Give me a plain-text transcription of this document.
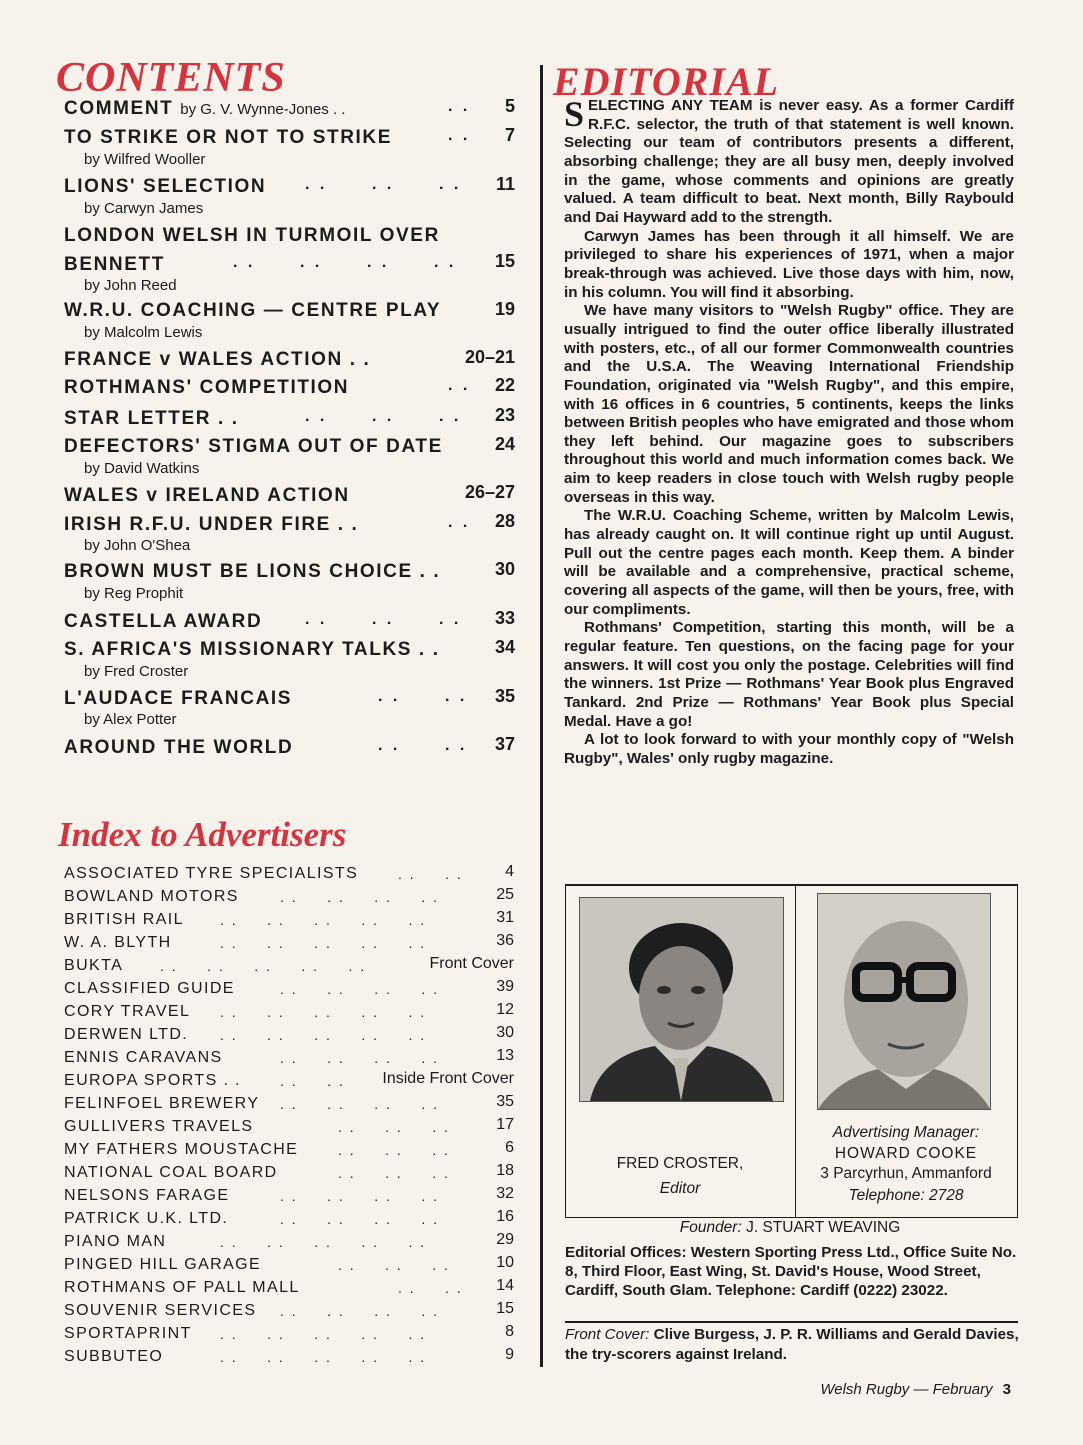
CONTENTS	EDITORIAL
COMMENT by G. V. Wynne-Jones . .	. . 5
TO STRIKE OR NOT TO STRIKE	. . 7
by Wilfred Wooller
LIONS' SELECTION . .      . .      . . 11
by Carwyn James
LONDON WELSH IN TURMOIL OVER
BENNETT	. .      . .      . .      . . 15
by John Reed
W.R.U. COACHING — CENTRE PLAY	19
by Malcolm Lewis
FRANCE v WALES ACTION . .	20–21
ROTHMANS' COMPETITION	. . 22
STAR LETTER . .	. .      . .      . . 23
DEFECTORS' STIGMA OUT OF DATE	24
by David Watkins
WALES v IRELAND ACTION	26–27
IRISH R.F.U. UNDER FIRE . .	. . 28
by John O'Shea
BROWN MUST BE LIONS CHOICE . .	30
by Reg Prophit
CASTELLA AWARD	. .      . .      . . 33
S. AFRICA'S MISSIONARY TALKS . .	34
by Fred Croster
L'AUDACE FRANCAIS	. .      . . 35
by Alex Potter
AROUND THE WORLD	. .      . . 37
Index to Advertisers
ASSOCIATED TYRE SPECIALISTS	. .     . .	4
BOWLAND MOTORS	. .     . .     . .     . .	25
BRITISH RAIL	. .     . .     . .     . .     . .	31
W. A. BLYTH	. .     . .     . .     . .     . .	36
BUKTA	. .     . .     . .     . .     . .	Front Cover
CLASSIFIED GUIDE	. .     . .     . .     . .	39
CORY TRAVEL . .     . .     . .     . .     . .	12
DERWEN LTD. . .     . .     . .     . .     . .	30
ENNIS CARAVANS	. .     . .     . .     . .	13
EUROPA SPORTS . .	. .     . . Inside Front Cover
FELINFOEL BREWERY . .     . .     . .     . .	35
GULLIVERS TRAVELS	. .     . .     . .	17
MY FATHERS MOUSTACHE	. .     . .     . .	6
NATIONAL COAL BOARD	. .     . .     . .	18
NELSONS FARAGE	. .     . .     . .     . .	32
PATRICK U.K. LTD.	. .     . .     . .     . .	16
PIANO MAN	. .     . .     . .     . .     . .	29
PINGED HILL GARAGE	. .     . .     . .	10
ROTHMANS OF PALL MALL	. .     . . 14
SOUVENIR SERVICES . .     . .     . .     . .	15
SPORTAPRINT . .     . .     . .     . .     . .	8
SUBBUTEO	. .     . .     . .     . .     . .	9

SELECTING ANY TEAM is never easy. As a former Cardiff R.F.C. selector, the truth of that statement is well known. Selecting our team of contributors presents a different, absorbing challenge; they are all busy men, deeply involved in the game, whose comments and opinions are greatly valued. A team difficult to beat. Next month, Billy Raybould and Dai Hayward add to the strength.

Carwyn James has been through it all himself. We are privileged to share his experiences of 1971, when a major break-through was achieved. Live those days with him, now, in his column. You will find it absorbing.

We have many visitors to "Welsh Rugby" office. They are usually intrigued to find the outer office liberally illustrated with posters, etc., of all our former Commonwealth countries and the U.S.A. The Weaving International Friendship Foundation, originated via "Welsh Rugby", and this empire, with 16 offices in 6 countries, 5 continents, keeps the links between British peoples who have emigrated and those whom they left behind. Our magazine goes to subscribers throughout this world and much information comes back. We aim to keep readers in close touch with Welsh rugby people overseas in this way.

The W.R.U. Coaching Scheme, written by Malcolm Lewis, has already caught on. It will continue right up until August. Pull out the centre pages each month. Keep them. A binder will be available and a comprehensive, practical scheme, covering all aspects of the game, will then be yours, free, with our compliments.

Rothmans' Competition, starting this month, will be a regular feature. Ten questions, on the facing page for your answers. It will cost you only the postage. Celebrities will find the winners. 1st Prize — Rothmans' Year Book plus Engraved Tankard. 2nd Prize — Rothmans' Year Book plus Special Medal. Have a go!

A lot to look forward to with your monthly copy of "Welsh Rugby", Wales' only rugby magazine.

FRED CROSTER,
Editor
Advertising Manager:
HOWARD COOKE
3 Parcyrhun, Ammanford
Telephone: 2728
Founder: J. STUART WEAVING
Editorial Offices: Western Sporting Press Ltd., Office Suite No. 8, Third Floor, East Wing, St. David's House, Wood Street, Cardiff, South Glam. Telephone: Cardiff (0222) 23022.
Front Cover: Clive Burgess, J. P. R. Williams and Gerald Davies, the try-scorers against Ireland.
Welsh Rugby — February 3
